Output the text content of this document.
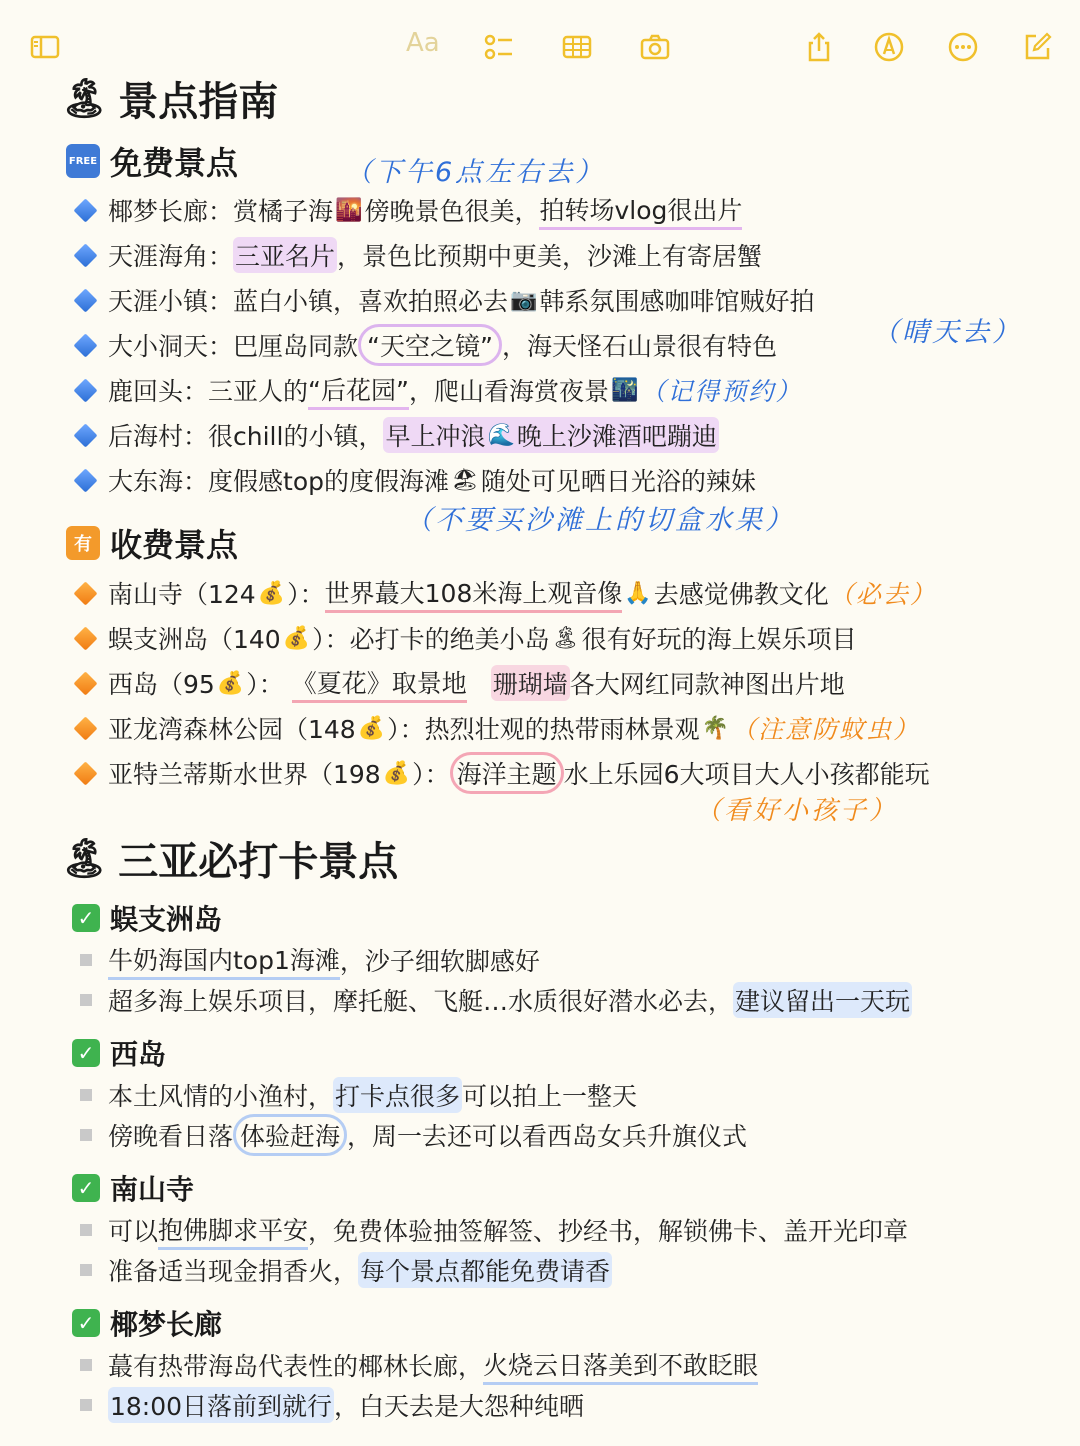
Aa
🏝 景点指南
FREE 免费景点	（下午6点左右去）
椰梦长廊： 赏橘子海 🌇 傍晚景色很美， 拍转场vlog很出片
天涯海角： 三亚名片 ，景色比预期中更美，沙滩上有寄居蟹
天涯小镇： 蓝白小镇，喜欢拍照必去 📷 韩系氛围感咖啡馆贼好拍
大小洞天： 巴厘岛同款 “天空之镜” ，海天怪石山景很有特色	（晴天去）
鹿回头： 三亚人的 “后花园” ，爬山看海赏夜景 🌃 （记得预约）
后海村： 很chill的小镇， 早上冲浪 🌊 晚上沙滩酒吧蹦迪
大东海： 度假感top的度假海滩 🏖 随处可见晒日光浴的辣妹
（不要买沙滩上的切盒水果）
有 收费景点
南山寺（124 💰 ）： 世界蕞大108米海上观音像 🙏 去感觉佛教文化 （必去）
蜈支洲岛（140 💰 ）： 必打卡的绝美小岛 🏝 很有好玩的海上娱乐项目
西岛（95 💰 ）： 《夏花》取景地 珊瑚墙 各大网红同款神图出片地
亚龙湾森林公园（148 💰 ）： 热烈壮观的热带雨林景观 🌴 （注意防蚊虫）
亚特兰蒂斯水世界（198 💰 ）： 海洋主题 水上乐园6大项目大人小孩都能玩
（看好小孩子）
🏝 三亚必打卡景点
✓ 蜈支洲岛
牛奶海国内top1海滩 ，沙子细软脚感好
超多海上娱乐项目，摩托艇、飞艇…水质很好潜水必去， 建议留出一天玩
✓ 西岛
本土风情的小渔村， 打卡点很多 可以拍上一整天
傍晚看日落 体验赶海 ，周一去还可以看西岛女兵升旗仪式
✓ 南山寺
可以 抱佛脚求平安 ，免费体验抽签解签、抄经书，解锁佛卡、盖开光印章
准备适当现金捐香火， 每个景点都能免费请香
✓ 椰梦长廊
蕞有热带海岛代表性的椰林长廊， 火烧云日落美到不敢眨眼
18:00日落前到就行 ，白天去是大怨种纯晒
